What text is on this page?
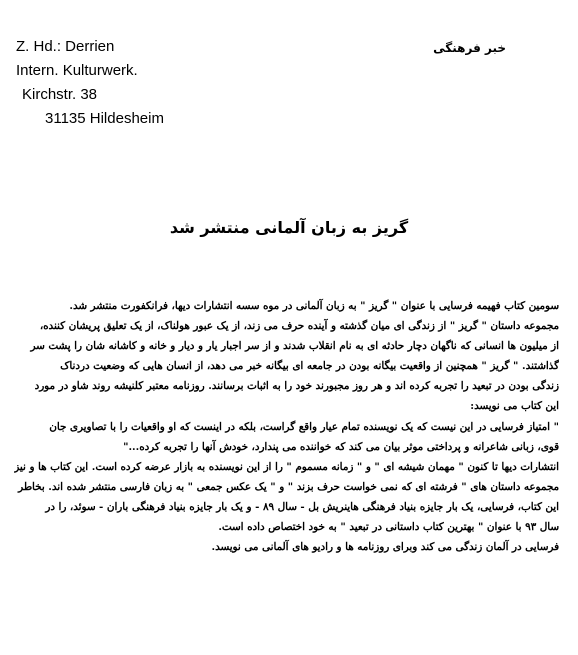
Z. Hd.: Derrien
Intern. Kulturwerk.
Kirchstr. 38
31135 Hildesheim
خبر فرهنگی
گریز به زبان آلمانی منتشر شد
سومین کتاب فهیمه فرسایی با عنوان " گریز " به زبان آلمانی در موه سسه انتشارات دیها، فرانکفورت منتشر شد.
مجموعه داستان " گریز " از زندگی ای میان گذشته و آینده حرف می زند، از یک عبور هولناک، از یک تعلیق پریشان کننده،
از میلیون ها انسانی که ناگهان دچار حادثه ای به نام انقلاب شدند و از سر اجبار یار و دیار و خانه و کاشانه شان را پشت سر
گذاشتند. " گریز " همچنین از واقعیت بیگانه بودن در جامعه ای بیگانه خبر می دهد، از انسان هایی که وضعیت دردناک
زندگی بودن در تبعید را تجربه کرده اند و هر روز مجبورند خود را به اثبات برسانند. روزنامه معتبر کلنیشه روند شاو در مورد
این کتاب می نویسد:
" امتیاز فرسایی در این نیست که یک نویسنده تمام عیار واقع گراست، بلکه در اینست که او واقعیات را با تصاویری جان
قوی، زبانی شاعرانه و پرداختی موثر بیان می کند که خواننده می پندارد، خودش آنها را تجربه کرده..."
انتشارات دیها تا کنون " مهمان شیشه ای " و " زمانه مسموم " را از این نویسنده به بازار عرضه کرده است. این کتاب ها و نیز
مجموعه داستان های " فرشته ای که نمی خواست حرف بزند " و " یک عکس جمعی " به زبان فارسی منتشر شده اند. بخاطر
این کتاب، فرسایی، یک بار جایزه بنیاد فرهنگی هاینریش بل - سال ۸۹ - و یک بار جایزه بنیاد فرهنگی باران - سوئد، را در
سال ۹۳ با عنوان " بهترین کتاب داستانی در تبعید " به خود اختصاص داده است.
فرسایی در آلمان زندگی می کند وبرای روزنامه ها و رادیو های آلمانی می نویسد.
